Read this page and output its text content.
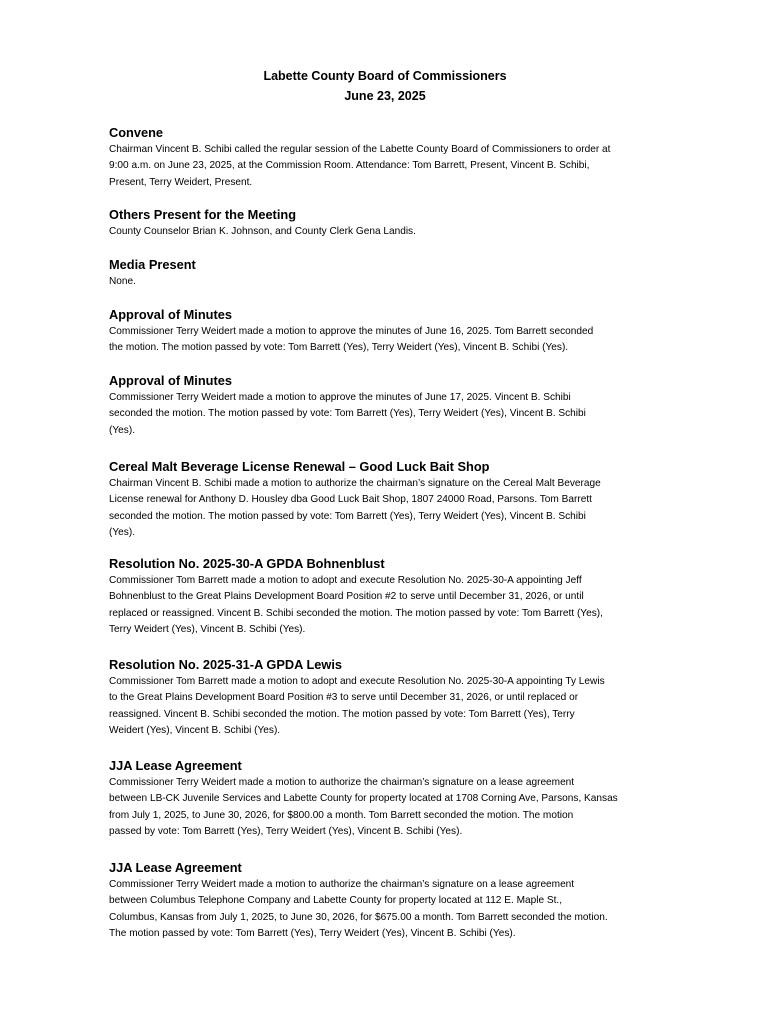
Labette County Board of Commissioners
June 23, 2025
Convene

Chairman Vincent B. Schibi called the regular session of the Labette County Board of Commissioners to order at

9:00 a.m. on June 23, 2025, at the Commission Room. Attendance: Tom Barrett, Present, Vincent B. Schibi,

Present, Terry Weidert, Present.

Others Present for the Meeting

County Counselor Brian K. Johnson, and County Clerk Gena Landis.

Media Present

None.

Approval of Minutes

Commissioner Terry Weidert made a motion to approve the minutes of June 16, 2025. Tom Barrett seconded

the motion. The motion passed by vote: Tom Barrett (Yes), Terry Weidert (Yes), Vincent B. Schibi (Yes).

Approval of Minutes

Commissioner Terry Weidert made a motion to approve the minutes of June 17, 2025. Vincent B. Schibi

seconded the motion. The motion passed by vote: Tom Barrett (Yes), Terry Weidert (Yes), Vincent B. Schibi

(Yes).

Cereal Malt Beverage License Renewal – Good Luck Bait Shop

Chairman Vincent B. Schibi made a motion to authorize the chairman’s signature on the Cereal Malt Beverage

License renewal for Anthony D. Housley dba Good Luck Bait Shop, 1807 24000 Road, Parsons. Tom Barrett

seconded the motion. The motion passed by vote: Tom Barrett (Yes), Terry Weidert (Yes), Vincent B. Schibi

(Yes).

Resolution No. 2025-30-A GPDA Bohnenblust

Commissioner Tom Barrett made a motion to adopt and execute Resolution No. 2025-30-A appointing Jeff

Bohnenblust to the Great Plains Development Board Position #2 to serve until December 31, 2026, or until

replaced or reassigned. Vincent B. Schibi seconded the motion. The motion passed by vote: Tom Barrett (Yes),

Terry Weidert (Yes), Vincent B. Schibi (Yes).

Resolution No. 2025-31-A GPDA Lewis

Commissioner Tom Barrett made a motion to adopt and execute Resolution No. 2025-30-A appointing Ty Lewis

to the Great Plains Development Board Position #3 to serve until December 31, 2026, or until replaced or

reassigned. Vincent B. Schibi seconded the motion. The motion passed by vote: Tom Barrett (Yes), Terry

Weidert (Yes), Vincent B. Schibi (Yes).

JJA Lease Agreement

Commissioner Terry Weidert made a motion to authorize the chairman’s signature on a lease agreement

between LB-CK Juvenile Services and Labette County for property located at 1708 Corning Ave, Parsons, Kansas

from July 1, 2025, to June 30, 2026, for $800.00 a month. Tom Barrett seconded the motion. The motion

passed by vote: Tom Barrett (Yes), Terry Weidert (Yes), Vincent B. Schibi (Yes).

JJA Lease Agreement

Commissioner Terry Weidert made a motion to authorize the chairman’s signature on a lease agreement

between Columbus Telephone Company and Labette County for property located at 112 E. Maple St.,

Columbus, Kansas from July 1, 2025, to June 30, 2026, for $675.00 a month. Tom Barrett seconded the motion.

The motion passed by vote: Tom Barrett (Yes), Terry Weidert (Yes), Vincent B. Schibi (Yes).
